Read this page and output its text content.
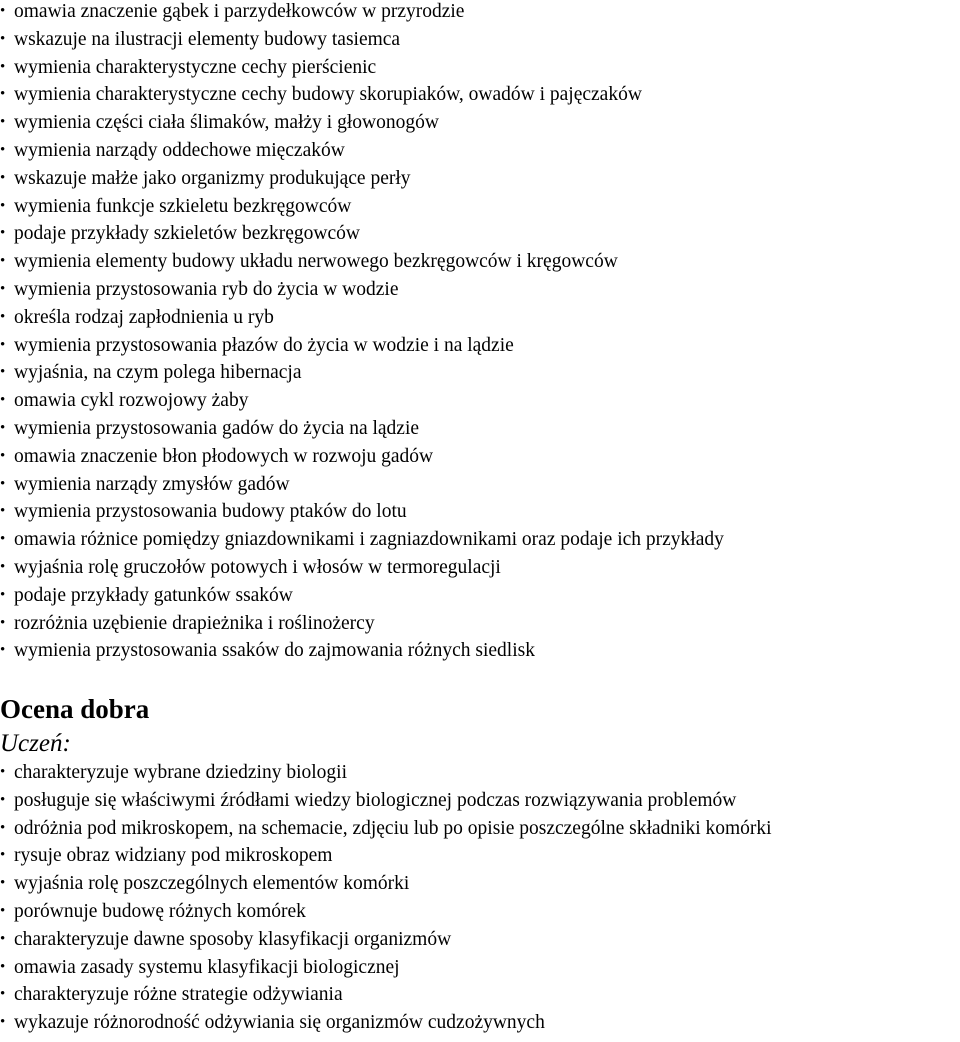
• omawia znaczenie gąbek i parzydełkowców w przyrodzie
• wskazuje na ilustracji elementy budowy tasiemca
• wymienia charakterystyczne cechy pierścienic
• wymienia charakterystyczne cechy budowy skorupiaków, owadów i pajęczaków
• wymienia części ciała ślimaków, małży i głowonogów
• wymienia narządy oddechowe mięczaków
• wskazuje małże jako organizmy produkujące perły
• wymienia funkcje szkieletu bezkręgowców
• podaje przykłady szkieletów bezkręgowców
• wymienia elementy budowy układu nerwowego bezkręgowców i kręgowców
• wymienia przystosowania ryb do życia w wodzie
• określa rodzaj zapłodnienia u ryb
• wymienia przystosowania płazów do życia w wodzie i na lądzie
• wyjaśnia, na czym polega hibernacja
• omawia cykl rozwojowy żaby
• wymienia przystosowania gadów do życia na lądzie
• omawia znaczenie błon płodowych w rozwoju gadów
• wymienia narządy zmysłów gadów
• wymienia przystosowania budowy ptaków do lotu
• omawia różnice pomiędzy gniazdownikami i zagniazdownikami oraz podaje ich przykłady
• wyjaśnia rolę gruczołów potowych i włosów w termoregulacji
• podaje przykłady gatunków ssaków
• rozróżnia uzębienie drapieżnika i roślinożercy
• wymienia przystosowania ssaków do zajmowania różnych siedlisk
Ocena dobra
Uczeń:
• charakteryzuje wybrane dziedziny biologii
• posługuje się właściwymi źródłami wiedzy biologicznej podczas rozwiązywania problemów
• odróżnia pod mikroskopem, na schemacie, zdjęciu lub po opisie poszczególne składniki komórki
• rysuje obraz widziany pod mikroskopem
• wyjaśnia rolę poszczególnych elementów komórki
• porównuje budowę różnych komórek
• charakteryzuje dawne sposoby klasyfikacji organizmów
• omawia zasady systemu klasyfikacji biologicznej
• charakteryzuje różne strategie odżywiania
• wykazuje różnorodność odżywiania się organizmów cudzożywnych
